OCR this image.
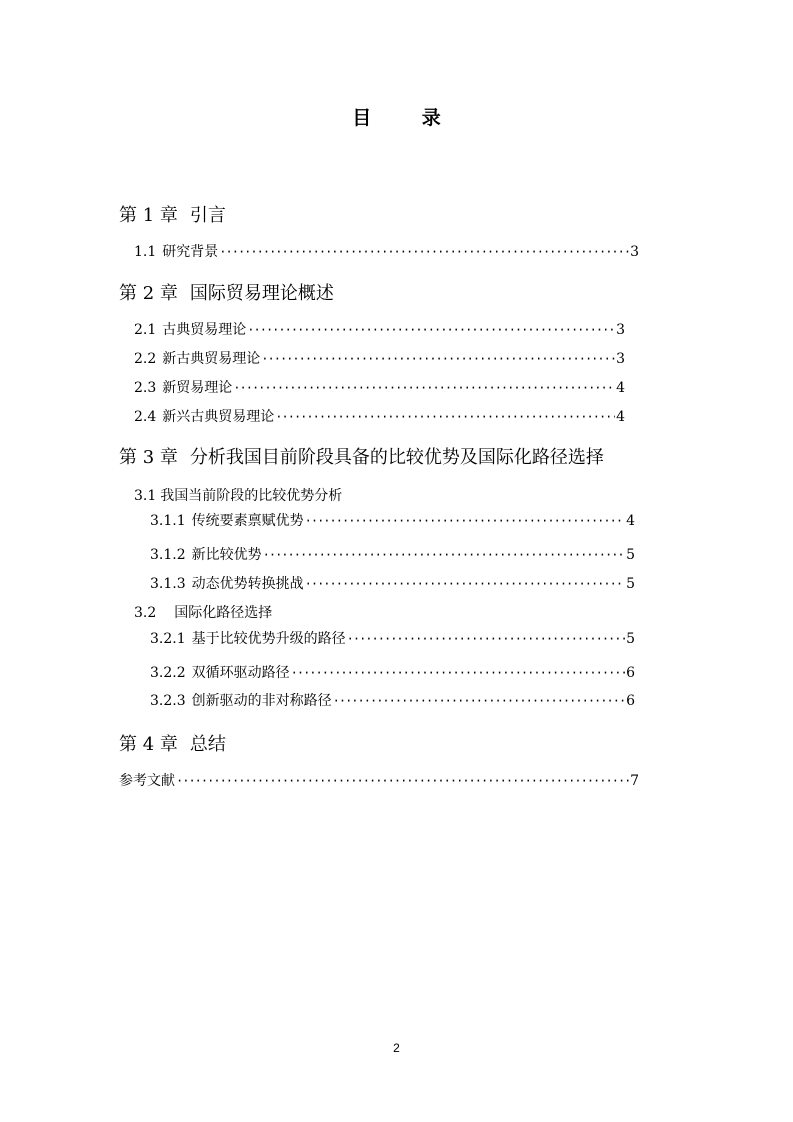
目 录
第 1 章 引言
1.1 研究背景 ·····	3
第 2 章 国际贸易理论概述
2.1 古典贸易理论 ·····	3
2.2 新古典贸易理论 ·····	3
2.3 新贸易理论 ·····	4
2.4 新兴古典贸易理论 ·····	4
第 3 章 分析我国目前阶段具备的比较优势及国际化路径选择
3.1 我国当前阶段的比较优势分析
3.1.1 传统要素禀赋优势 ·····	4
3.1.2 新比较优势 ·····	5
3.1.3 动态优势转换挑战 ·····	5
3.2 国际化路径选择
3.2.1 基于比较优势升级的路径 ·····	5
3.2.2 双循环驱动路径 ·····	6
3.2.3 创新驱动的非对称路径 ·····	6
第 4 章 总结
参考文献 ·····	7
2
